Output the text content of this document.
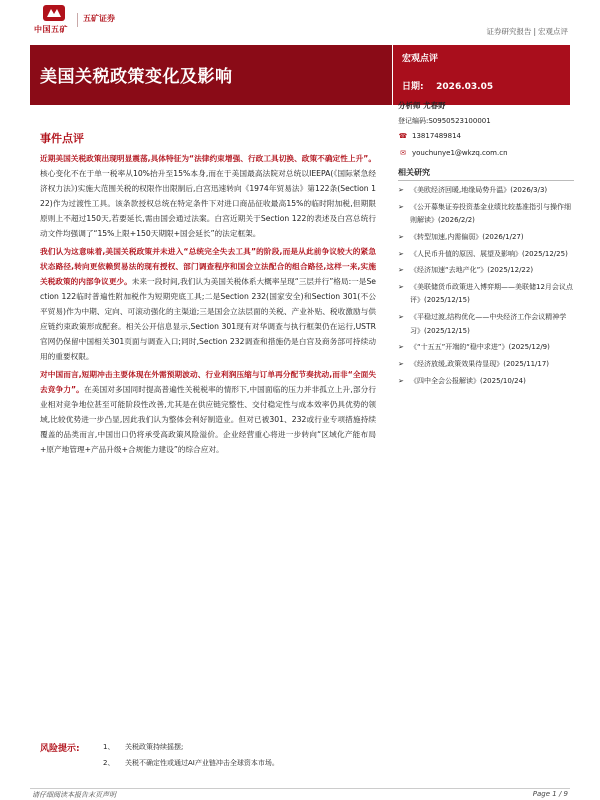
中国五矿
五矿证券
证券研究报告 | 宏观点评
美国关税政策变化及影响
宏观点评
日期: 2026.03.05
分析师 尤春野
登记编码:S0950523100001
☎ 13817489814
✉ youchunye1@wkzq.com.cn
相关研究
➢ 《美欧经济回暖,地缘局势升温》(2026/3/3)
➢ 《公开募集证券投资基金业绩比较基准指引与操作细则解读》(2026/2/2)
➢ 《转型加速,内需偏弱》(2026/1/27)
➢ 《人民币升值的原因、展望及影响》(2025/12/25)
➢ 《经济加速“去地产化”》(2025/12/22)
➢ 《美联储货币政策进入博弈期——美联储12月会议点评》(2025/12/15)
➢ 《平稳过渡,结构优化——中央经济工作会议精神学习》(2025/12/15)
➢ 《“十五五”开端的“稳中求进”》(2025/12/9)
➢ 《经济放缓,政策效果待显现》(2025/11/17)
➢ 《四中全会公报解读》(2025/10/24)
事件点评

近期美国关税政策出现明显震荡,具体特征为“法律约束增强、行政工具切换、政策不确定性上升”。核心变化不在于单一税率从10%抬升至15%本身,而在于美国最高法院对总统以IEEPA(《国际紧急经济权力法》)实施大范围关税的权限作出限制后,白宫迅速转向《1974年贸易法》第122条(Section 122)作为过渡性工具。该条款授权总统在特定条件下对进口商品征收最高15%的临时附加税,但期限原则上不超过150天,若要延长,需由国会通过法案。白宫近期关于Section 122的表述及白宫总统行动文件均强调了“15%上限+150天期限+国会延长”的法定框架。

我们认为这意味着,美国关税政策并未进入“总统完全失去工具”的阶段,而是从此前争议较大的紧急状态路径,转向更依赖贸易法的现有授权、部门调查程序和国会立法配合的组合路径,这样一来,实施关税政策的内部争议更少。未来一段时间,我们认为美国关税体系大概率呈现“三层并行”格局:一是Section 122临时普遍性附加税作为短期兜底工具;二是Section 232(国家安全)和Section 301(不公平贸易)作为中期、定向、可滚动强化的主渠道;三是国会立法层面的关税、产业补贴、税收激励与供应链约束政策形成配套。相关公开信息显示,Section 301现有对华调查与执行框架仍在运行,USTR官网仍保留中国相关301页面与调查入口;同时,Section 232调查和措施仍是白宫及商务部可持续动用的重要权限。

对中国而言,短期冲击主要体现在外需预期波动、行业利润压缩与订单再分配节奏扰动,而非“全面失去竞争力”。在美国对多国同时提高普遍性关税税率的情形下,中国面临的压力并非孤立上升,部分行业相对竞争地位甚至可能阶段性改善,尤其是在供应链完整性、交付稳定性与成本效率仍具优势的领域,比较优势进一步凸显,因此我们认为整体会利好制造业。但对已被301、232或行业专项措施持续覆盖的品类而言,中国出口仍将承受高政策风险溢价。企业经营重心将进一步转向“区域化产能布局+原产地管理+产品升级+合规能力建设”的综合应对。

风险提示:	1、 关税政策持续摇摆;
2、 关税不确定性或通过AI产业链冲击全球资本市场。
请仔细阅读本报告末页声明	Page 1 / 9
